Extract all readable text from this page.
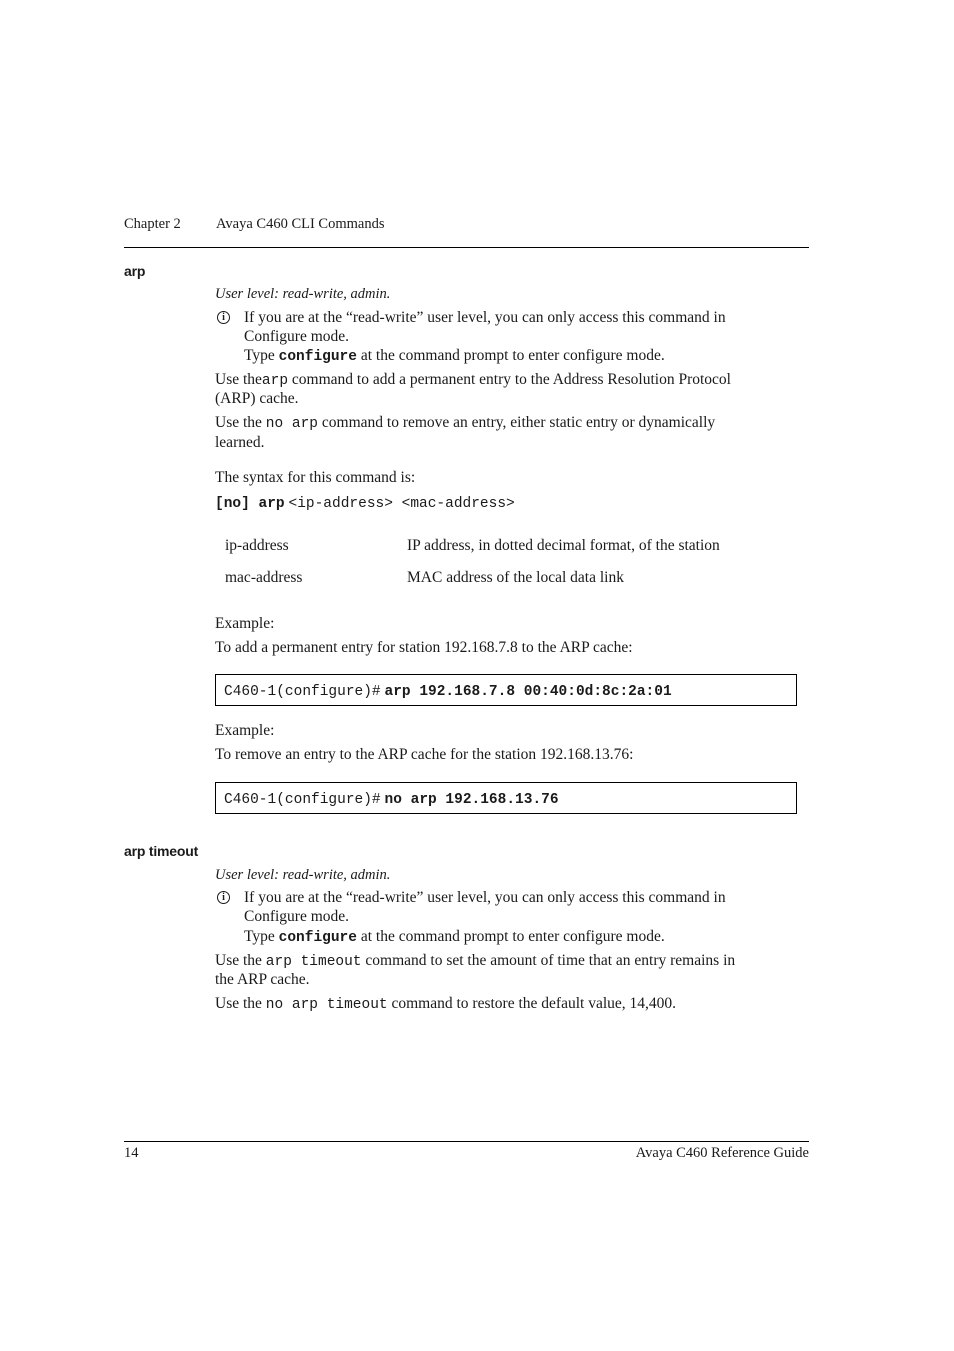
Chapter 2 Avaya C460 CLI Commands
arp
User level: read-write, admin.
i	If you are at the “read-write” user level, you can only access this command in
Configure mode.
Type configure at the command prompt to enter configure mode.
Use thearp command to add a permanent entry to the Address Resolution Protocol
(ARP) cache.
Use the no arp command to remove an entry, either static entry or dynamically
learned.
The syntax for this command is:
[no] arp <ip-address> <mac-address>
ip-address	IP address, in dotted decimal format, of the station
mac-address	MAC address of the local data link
Example:
To add a permanent entry for station 192.168.7.8 to the ARP cache:
C460-1(configure)# arp 192.168.7.8 00:40:0d:8c:2a:01
Example:
To remove an entry to the ARP cache for the station 192.168.13.76:
C460-1(configure)# no arp 192.168.13.76
arp timeout
User level: read-write, admin.
i	If you are at the “read-write” user level, you can only access this command in
Configure mode.
Type configure at the command prompt to enter configure mode.
Use the arp timeout command to set the amount of time that an entry remains in
the ARP cache.
Use the no arp timeout command to restore the default value, 14,400.
14	Avaya C460 Reference Guide
